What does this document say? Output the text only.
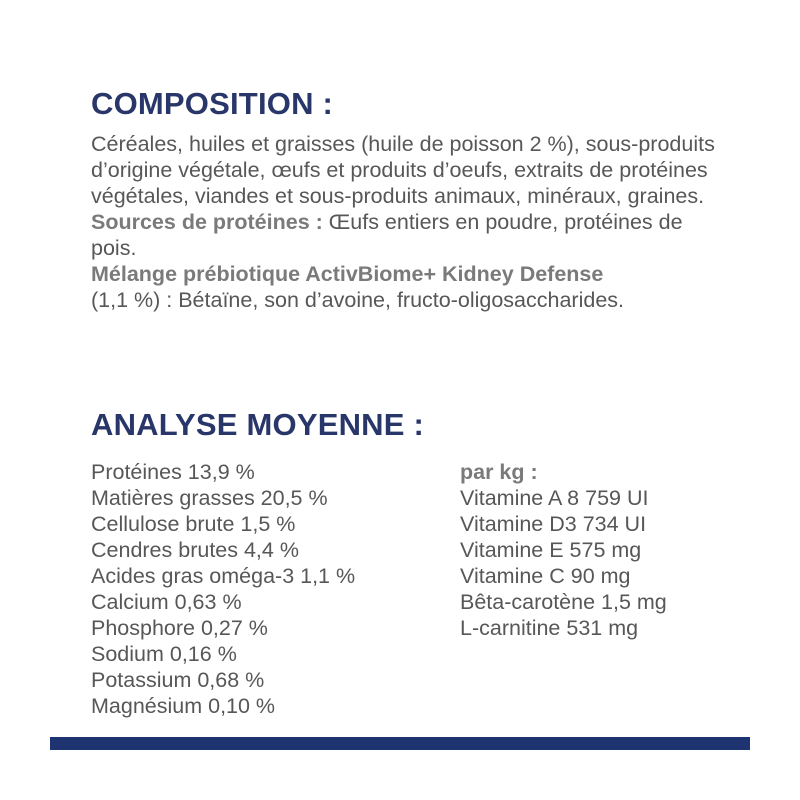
COMPOSITION :

Céréales, huiles et graisses (huile de poisson 2 %), sous-produits d’origine végétale, œufs et produits d’oeufs, extraits de protéines végétales, viandes et sous-produits animaux, minéraux, graines.

Sources de protéines : Œufs entiers en poudre, protéines de pois.

Mélange prébiotique ActivBiome+ Kidney Defense

(1,1 %) : Bétaïne, son d’avoine, fructo-oligosaccharides.

ANALYSE MOYENNE :
Protéines 13,9 %
Matières grasses 20,5 %
Cellulose brute 1,5 %
Cendres brutes 4,4 %
Acides gras oméga-3 1,1 %
Calcium 0,63 %
Phosphore 0,27 %
Sodium 0,16 %
Potassium 0,68 %
Magnésium 0,10 %
par kg :
Vitamine A 8 759 UI
Vitamine D3 734 UI
Vitamine E 575 mg
Vitamine C 90 mg
Bêta-carotène 1,5 mg
L-carnitine 531 mg
